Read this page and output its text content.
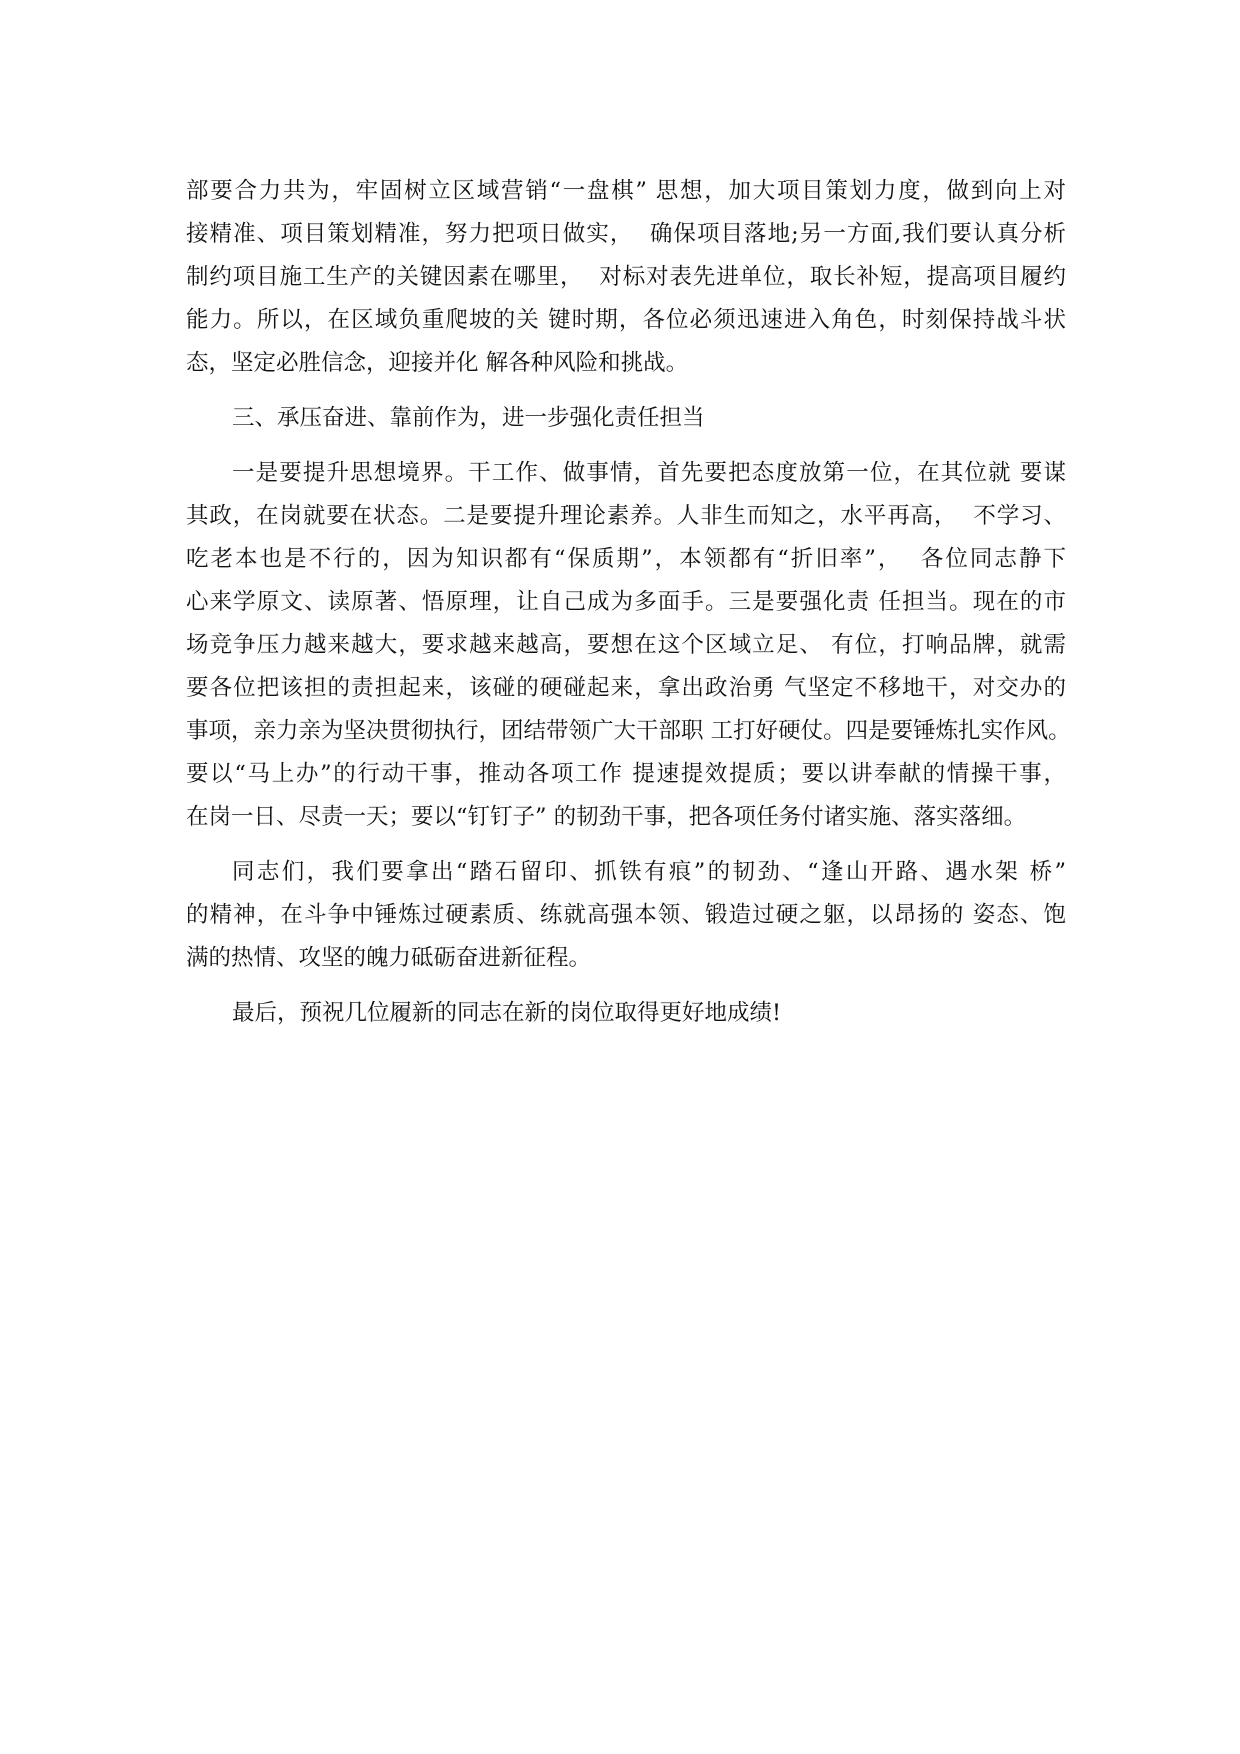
部要合力共为，牢固树立区域营销“一盘棋” 思想，加大项目策划力度，做到向上对
接精准、项目策划精准，努力把项日做实，  确保项目落地;另一方面,我们要认真分析
制约项目施工生产的关键因素在哪里，  对标对表先进单位，取长补短，提高项目履约
能力。所以，在区域负重爬坡的关 键时期，各位必须迅速进入角色，时刻保持战斗状
态，坚定必胜信念，迎接并化 解各种风险和挑战。
三、承压奋进、靠前作为，进一步强化责任担当
一是要提升思想境界。干工作、做事情，首先要把态度放第一位，在其位就 要谋
其政，在岗就要在状态。二是要提升理论素养。人非生而知之，水平再高，  不学习、
吃老本也是不行的，因为知识都有“保质期”，本领都有“折旧率”，  各位同志静下
心来学原文、读原著、悟原理，让自己成为多面手。三是要强化责 任担当。现在的市
场竞争压力越来越大，要求越来越高，要想在这个区域立足、 有位，打响品牌，就需
要各位把该担的责担起来，该碰的硬碰起来，拿出政治勇 气坚定不移地干，对交办的
事项，亲力亲为坚决贯彻执行，团结带领广大干部职 工打好硬仗。四是要锤炼扎实作风。
要以“马上办”的行动干事，推动各项工作 提速提效提质；要以讲奉献的情操干事，
在岗一日、尽责一天；要以“钉钉子” 的韧劲干事，把各项任务付诸实施、落实落细。
同志们，我们要拿出“踏石留印、抓铁有痕”的韧劲、“逢山开路、遇水架 桥”
的精神，在斗争中锤炼过硬素质、练就高强本领、锻造过硬之躯，以昂扬的 姿态、饱
满的热情、攻坚的魄力砥砺奋进新征程。
最后，预祝几位履新的同志在新的岗位取得更好地成绩!
